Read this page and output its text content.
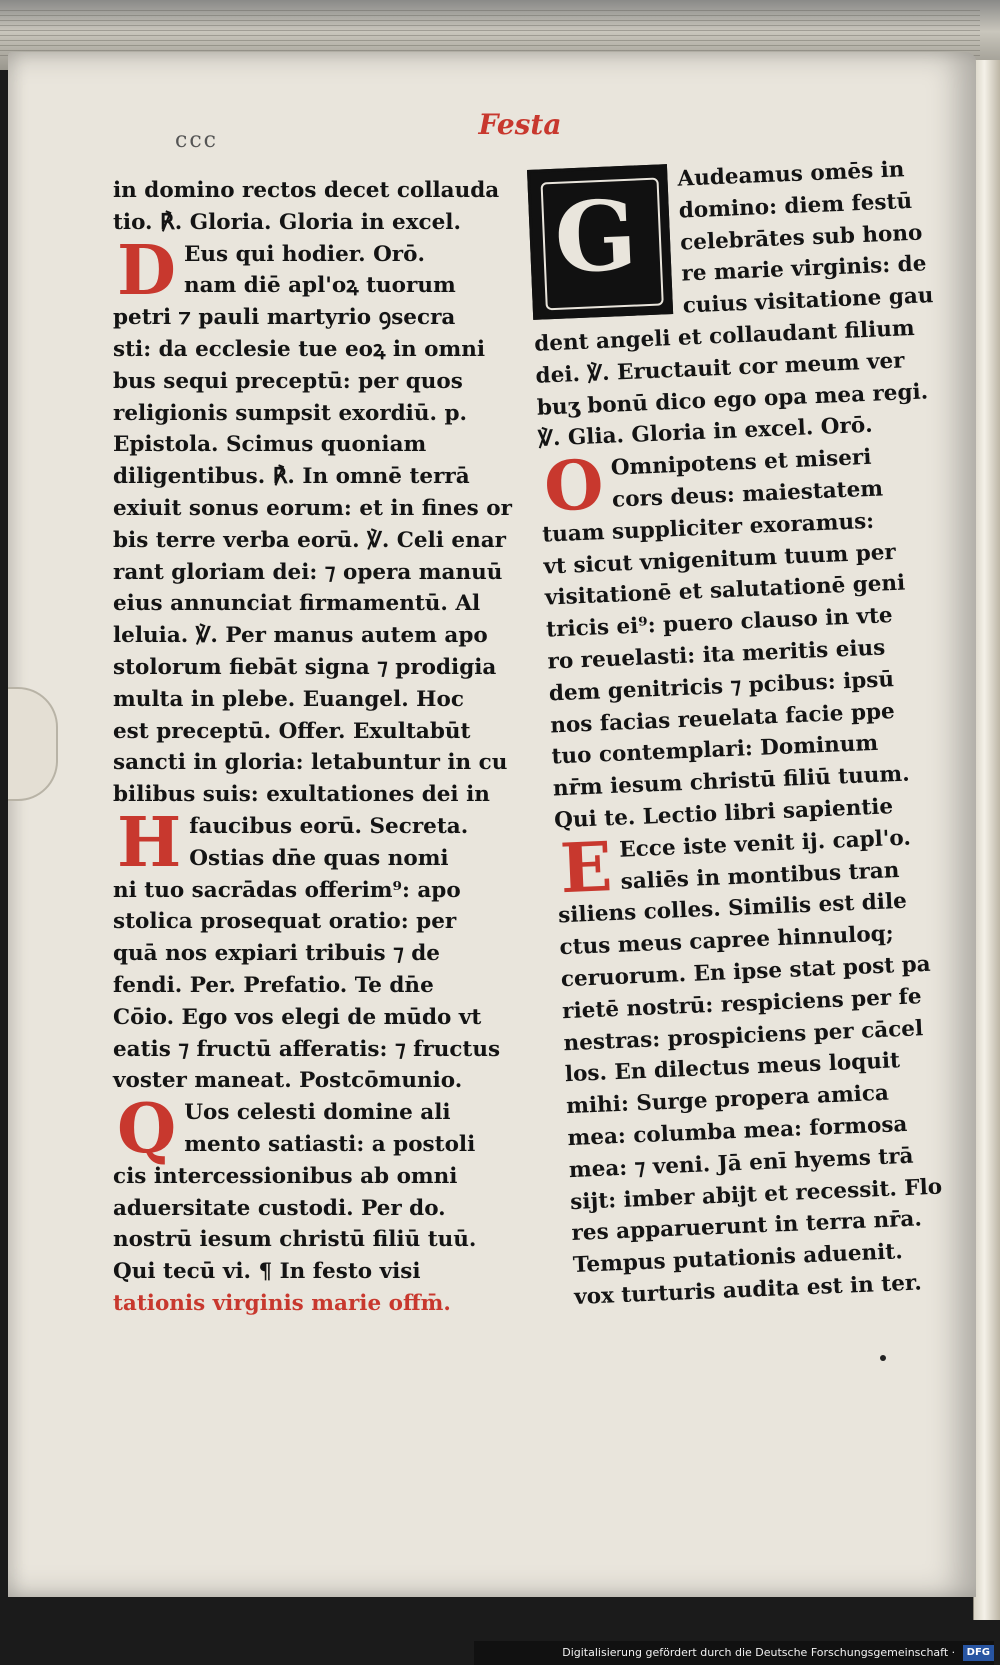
ccc	Festa
in domino rectos decet collauda
tio. ℟. Gloria. Gloria in excel.
D Eus qui hodier. Orō.
nam diē apl'oꝝ tuorum
petri ⁊ pauli martyrio ꝯsecra
sti: da ecclesie tue eoꝝ in omni
bus sequi preceptū: per quos
religionis sumpsit exordiū. p.
Epistola. Scimus quoniam
diligentibus. ℟. In omnē terrā
exiuit sonus eorum: et in fines or
bis terre verba eorū. ℣. Celi enar
rant gloriam dei: ⁊ opera manuū
eius annunciat firmamentū. Al
leluia. ℣. Per manus autem apo
stolorum fiebāt signa ⁊ prodigia
multa in plebe. Euangel. Hoc
est preceptū. Offer. Exultabūt
sancti in gloria: letabuntur in cu
bilibus suis: exultationes dei in
H faucibus eorū. Secreta.
Ostias dn̄e quas nomi
ni tuo sacrādas offerim⁹: apo
stolica prosequat oratio: per
quā nos expiari tribuis ⁊ de
fendi. Per. Prefatio. Te dn̄e
Cōio. Ego vos elegi de mūdo vt
eatis ⁊ fructū afferatis: ⁊ fructus
voster maneat. Postcōmunio.
Q Uos celesti domine ali
mento satiasti: a postoli
cis intercessionibus ab omni
aduersitate custodi. Per do.
nostrū iesum christū filiū tuū.
Qui tecū vi. ¶ In festo visi
tationis virginis marie offm̄.
G
Audeamus omēs in
domino: diem festū
celebrātes sub hono
re marie virginis: de
cuius visitatione gau
dent angeli et collaudant filium
dei. ℣. Eructauit cor meum ver
buʒ bonū dico ego opa mea regi.
℣. Glia. Gloria in excel. Orō.
O Omnipotens et miseri
cors deus: maiestatem
tuam suppliciter exoramus:
vt sicut vnigenitum tuum per
visitationē et salutationē geni
tricis ei⁹: puero clauso in vte
ro reuelasti: ita meritis eius
dem genitricis ⁊ pcibus: ipsū
nos facias reuelata facie ppe
tuo contemplari: Dominum
nr̄m iesum christū filiū tuum.
Qui te. Lectio libri sapientie
E Ecce iste venit ij. capl'o.
saliēs in montibus tran
siliens colles. Similis est dile
ctus meus capree hinnuloq;
ceruorum. En ipse stat post pa
rietē nostrū: respiciens per fe
nestras: prospiciens per cācel
los. En dilectus meus loquit
mihi: Surge propera amica
mea: columba mea: formosa
mea: ⁊ veni. Jā enī hyems trā
sijt: imber abijt et recessit. Flo
res apparuerunt in terra nr̄a.
Tempus putationis aduenit.
vox turturis audita est in ter.
Digitalisierung gefördert durch die Deutsche Forschungsgemeinschaft · DFG
